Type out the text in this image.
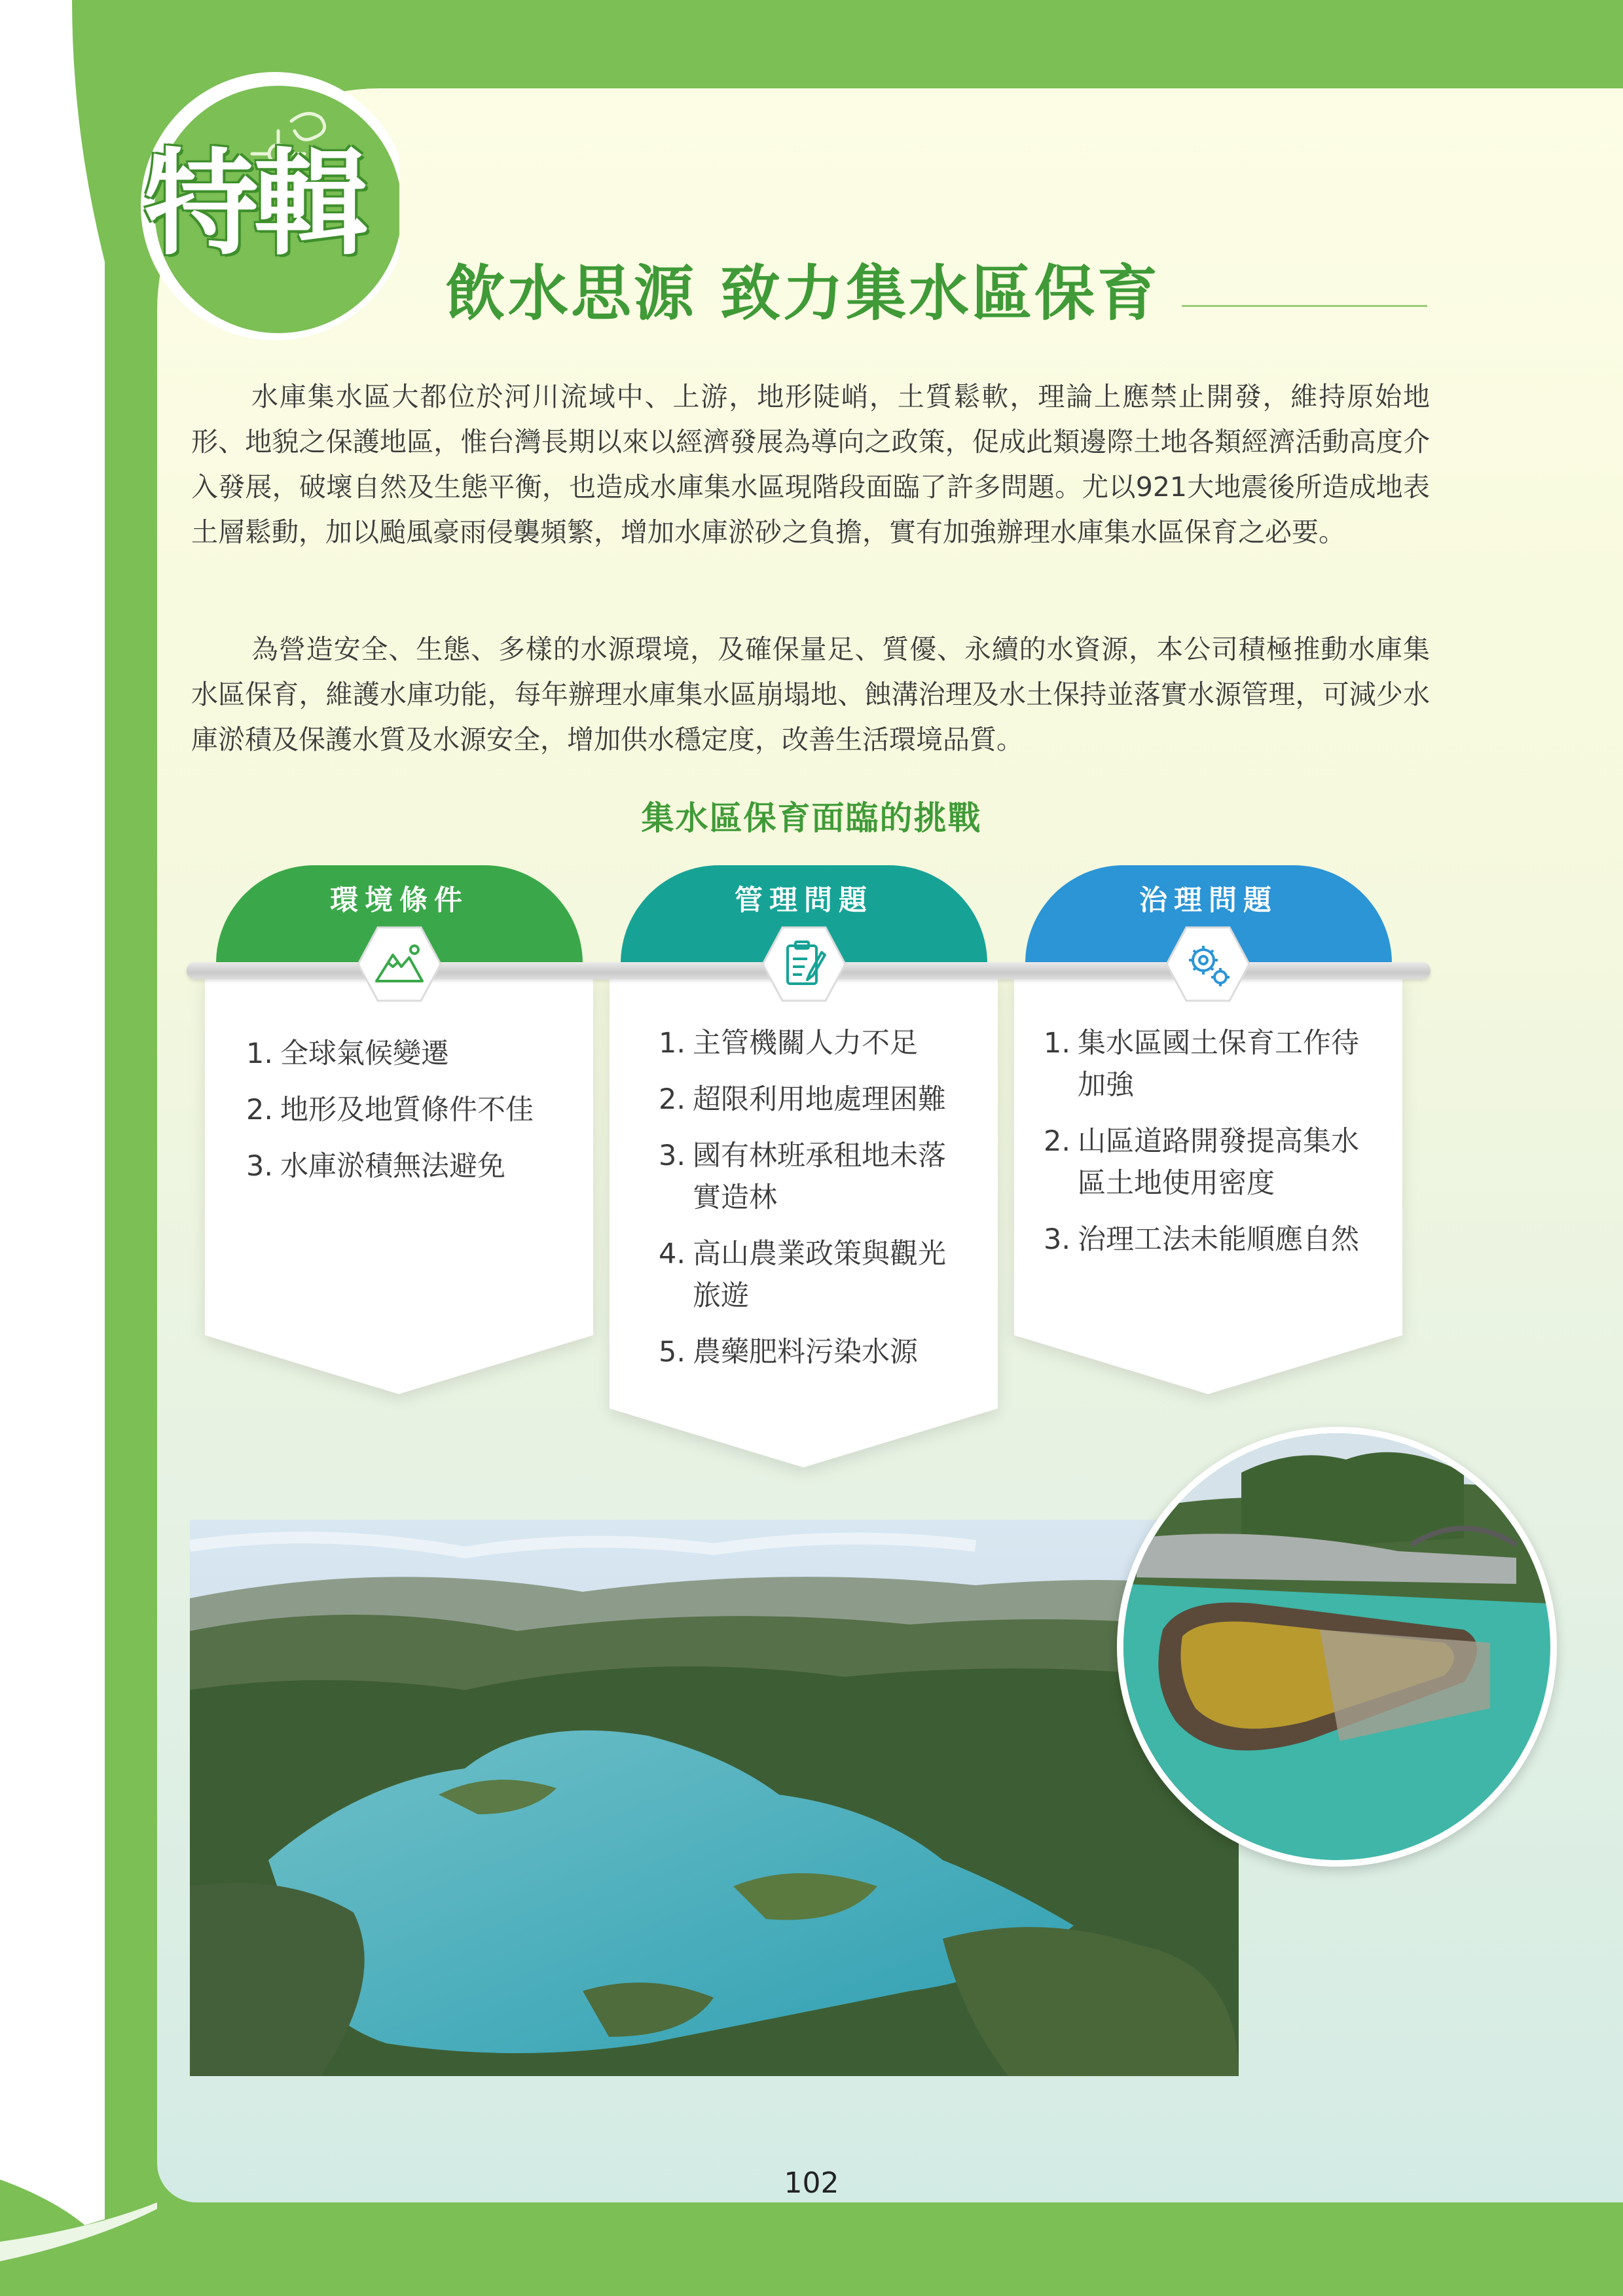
特輯
飲水思源 致力集水區保育

水庫集水區大都位於河川流域中、上游，地形陡峭，土質鬆軟，理論上應禁止開發，維持原始地形、地貌之保護地區，惟台灣長期以來以經濟發展為導向之政策，促成此類邊際土地各類經濟活動高度介入發展，破壞自然及生態平衡，也造成水庫集水區現階段面臨了許多問題。尤以921大地震後所造成地表土層鬆動，加以颱風豪雨侵襲頻繁，增加水庫淤砂之負擔，實有加強辦理水庫集水區保育之必要。

為營造安全、生態、多樣的水源環境，及確保量足、質優、永續的水資源，本公司積極推動水庫集水區保育，維護水庫功能，每年辦理水庫集水區崩塌地、蝕溝治理及水土保持並落實水源管理，可減少水庫淤積及保護水質及水源安全，增加供水穩定度，改善生活環境品質。

集水區保育面臨的挑戰
環境條件	管理問題	治理問題
1. 全球氣候變遷
2. 地形及地質條件不佳
3. 水庫淤積無法避免
1. 主管機關人力不足
2. 超限利用地處理困難
3. 國有林班承租地未落實造林
4. 高山農業政策與觀光旅遊
5. 農藥肥料污染水源
1. 集水區國土保育工作待加強
2. 山區道路開發提高集水區土地使用密度
3. 治理工法未能順應自然
102
